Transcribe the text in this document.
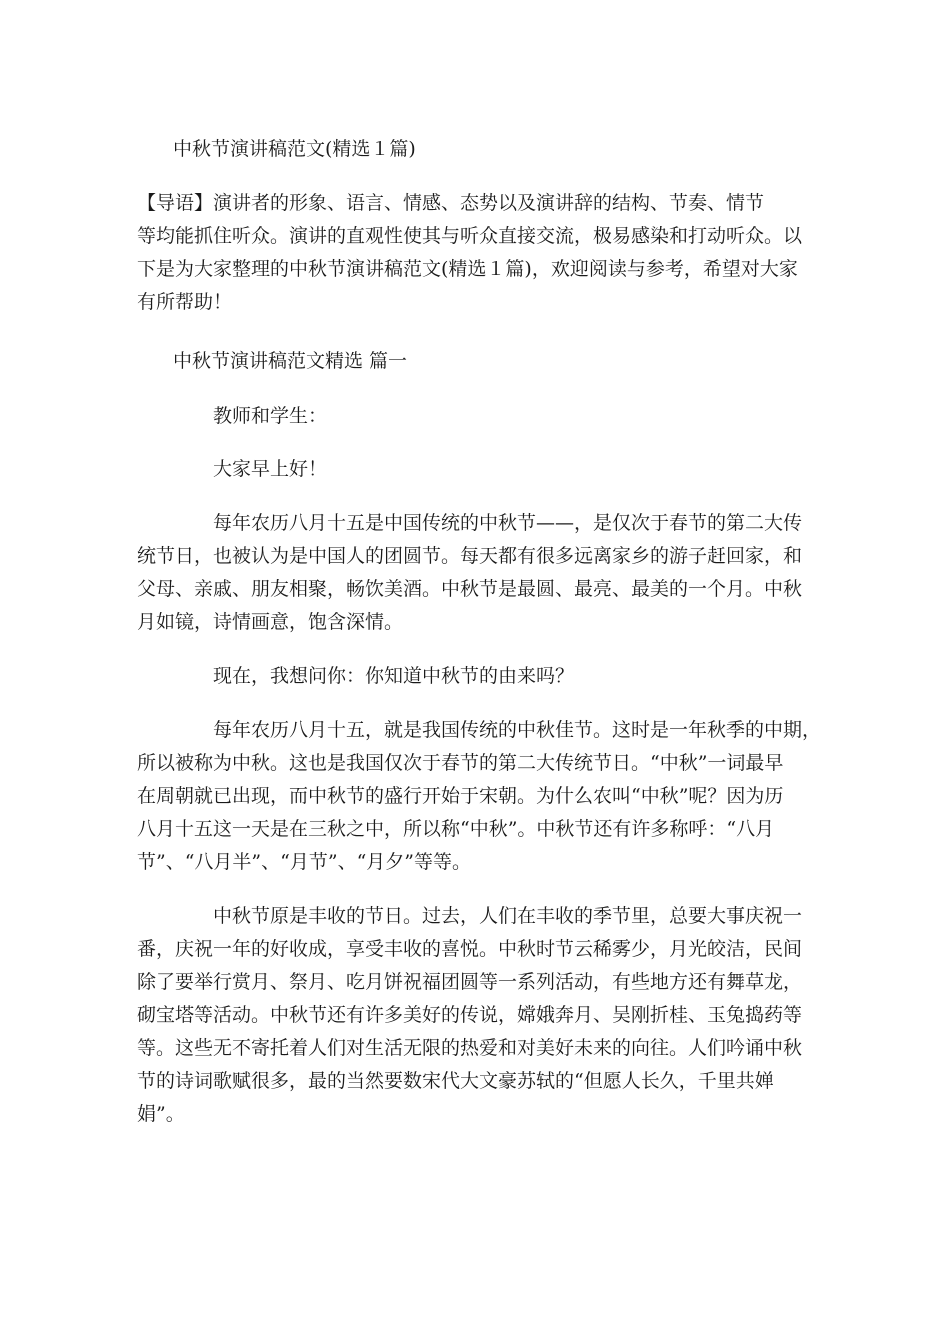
中秋节演讲稿范文(精选１篇)

【导语】演讲者的形象、语言、情感、态势以及演讲辞的结构、节奏、情节

等均能抓住听众。演讲的直观性使其与听众直接交流，极易感染和打动听众。以

下是为大家整理的中秋节演讲稿范文(精选１篇)，欢迎阅读与参考，希望对大家

有所帮助！

中秋节演讲稿范文精选 篇一

教师和学生：

大家早上好！

每年农历八月十五是中国传统的中秋节——，是仅次于春节的第二大传

统节日，也被认为是中国人的团圆节。每天都有很多远离家乡的游子赶回家，和

父母、亲戚、朋友相聚，畅饮美酒。中秋节是最圆、最亮、最美的一个月。中秋

月如镜，诗情画意，饱含深情。

现在，我想问你：你知道中秋节的由来吗？

每年农历八月十五，就是我国传统的中秋佳节。这时是一年秋季的中期，

所以被称为中秋。这也是我国仅次于春节的第二大传统节日。“中秋”一词最早

在周朝就已出现，而中秋节的盛行开始于宋朝。为什么农叫“中秋”呢？因为历

八月十五这一天是在三秋之中，所以称“中秋”。中秋节还有许多称呼：“八月

节”、“八月半”、“月节”、“月夕”等等。

中秋节原是丰收的节日。过去，人们在丰收的季节里，总要大事庆祝一

番，庆祝一年的好收成，享受丰收的喜悦。中秋时节云稀雾少，月光皎洁，民间

除了要举行赏月、祭月、吃月饼祝福团圆等一系列活动，有些地方还有舞草龙，

砌宝塔等活动。中秋节还有许多美好的传说，嫦娥奔月、吴刚折桂、玉兔捣药等

等。这些无不寄托着人们对生活无限的热爱和对美好未来的向往。人们吟诵中秋

节的诗词歌赋很多，最的当然要数宋代大文豪苏轼的“但愿人长久，千里共婵

娟”。
